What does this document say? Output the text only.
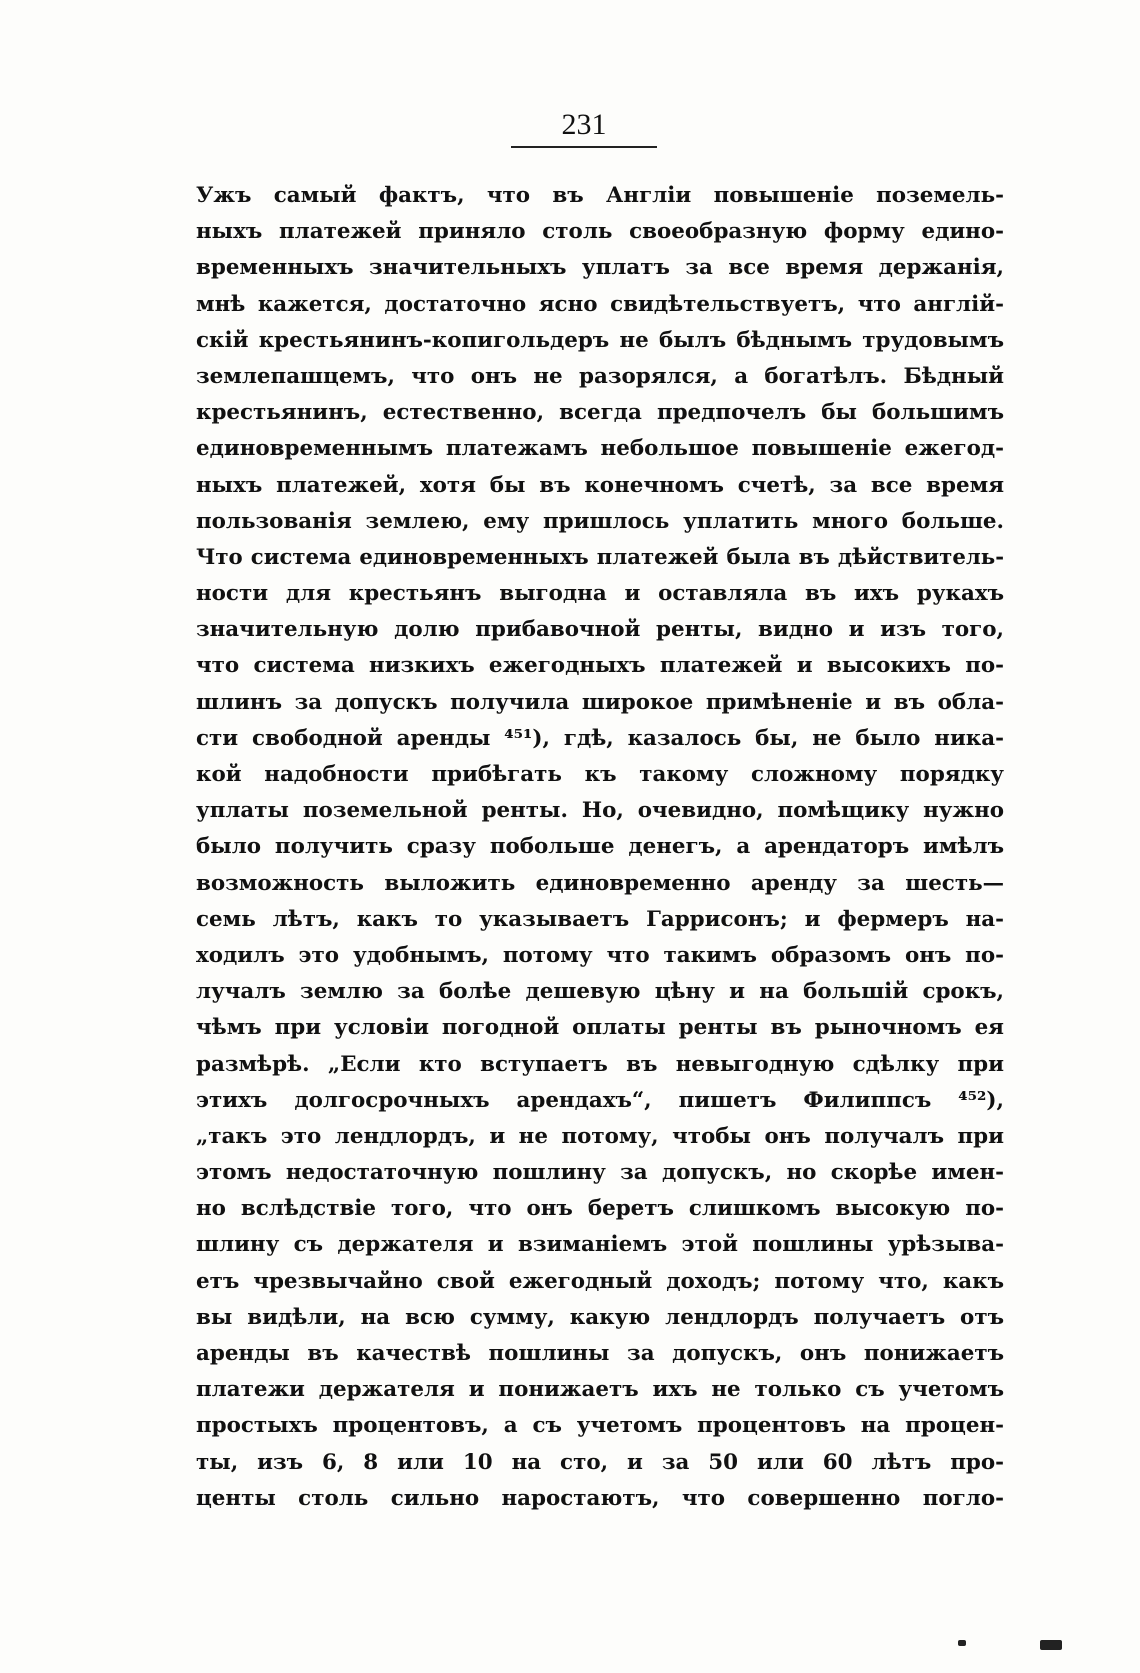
231
Ужъ самый фактъ, что въ Англіи повышеніе поземель-
ныхъ платежей приняло столь своеобразную форму едино-
временныхъ значительныхъ уплатъ за все время держанія,
мнѣ кажется, достаточно ясно свидѣтельствуетъ, что англій-
скій крестьянинъ-копигольдеръ не былъ бѣднымъ трудовымъ
землепашцемъ, что онъ не разорялся, а богатѣлъ. Бѣдный
крестьянинъ, естественно, всегда предпочелъ бы большимъ
единовременнымъ платежамъ небольшое повышеніе ежегод-
ныхъ платежей, хотя бы въ конечномъ счетѣ, за все время
пользованія землею, ему пришлось уплатить много больше.
Что система единовременныхъ платежей была въ дѣйствитель-
ности для крестьянъ выгодна и оставляла въ ихъ рукахъ
значительную долю прибавочной ренты, видно и изъ того,
что система низкихъ ежегодныхъ платежей и высокихъ по-
шлинъ за допускъ получила широкое примѣненіе и въ обла-
сти свободной аренды ⁴⁵¹), гдѣ, казалось бы, не было ника-
кой надобности прибѣгать къ такому сложному порядку
уплаты поземельной ренты. Но, очевидно, помѣщику нужно
было получить сразу побольше денегъ, а арендаторъ имѣлъ
возможность выложить единовременно аренду за шесть—
семь лѣтъ, какъ то указываетъ Гаррисонъ; и фермеръ на-
ходилъ это удобнымъ, потому что такимъ образомъ онъ по-
лучалъ землю за болѣе дешевую цѣну и на большій срокъ,
чѣмъ при условіи погодной оплаты ренты въ рыночномъ ея
размѣрѣ. „Если кто вступаетъ въ невыгодную сдѣлку при
этихъ долгосрочныхъ арендахъ“, пишетъ Филиппсъ ⁴⁵²),
„такъ это лендлордъ, и не потому, чтобы онъ получалъ при
этомъ недостаточную пошлину за допускъ, но скорѣе имен-
но вслѣдствіе того, что онъ беретъ слишкомъ высокую по-
шлину съ держателя и взиманіемъ этой пошлины урѣзыва-
етъ чрезвычайно свой ежегодный доходъ; потому что, какъ
вы видѣли, на всю сумму, какую лендлордъ получаетъ отъ
аренды въ качествѣ пошлины за допускъ, онъ понижаетъ
платежи держателя и понижаетъ ихъ не только съ учетомъ
простыхъ процентовъ, а съ учетомъ процентовъ на процен-
ты, изъ 6, 8 или 10 на сто, и за 50 или 60 лѣтъ про-
центы столь сильно наростаютъ, что совершенно погло-
